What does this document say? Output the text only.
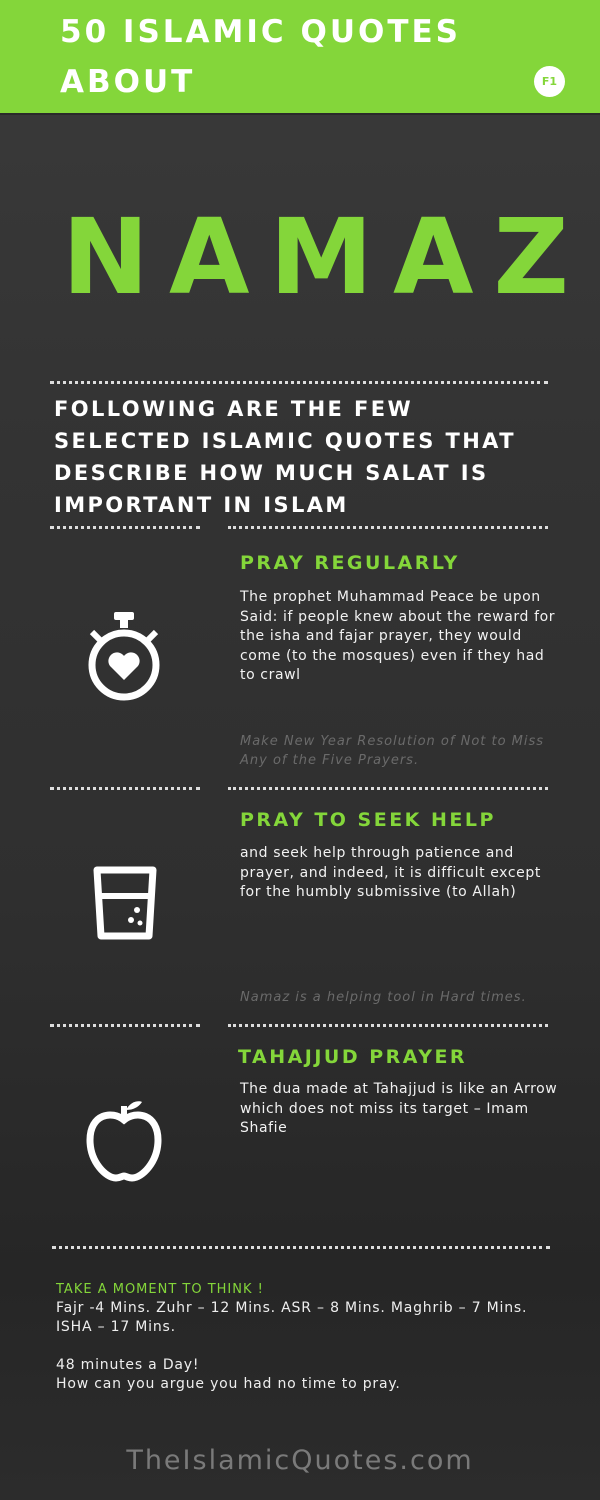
50 ISLAMIC QUOTES
ABOUT	F1
NAMAZ
FOLLOWING ARE THE FEW SELECTED ISLAMIC QUOTES THAT DESCRIBE HOW MUCH SALAT IS IMPORTANT IN ISLAM
PRAY REGULARLY
The prophet Muhammad Peace be upon Said: if people knew about the reward for the isha and fajar prayer, they would come (to the mosques) even if they had to crawl
Make New Year Resolution of Not to Miss Any of the Five Prayers.
PRAY TO SEEK HELP
and seek help through patience and prayer, and indeed, it is difficult except for the humbly submissive (to Allah)
Namaz is a helping tool in Hard times.
TAHAJJUD PRAYER
The dua made at Tahajjud is like an Arrow which does not miss its target – Imam Shafie
TAKE A MOMENT TO THINK !
Fajr -4 Mins. Zuhr – 12 Mins. ASR – 8 Mins. Maghrib – 7 Mins.
ISHA – 17 Mins.
48 minutes a Day!
How can you argue you had no time to pray.
TheIslamicQuotes.com
